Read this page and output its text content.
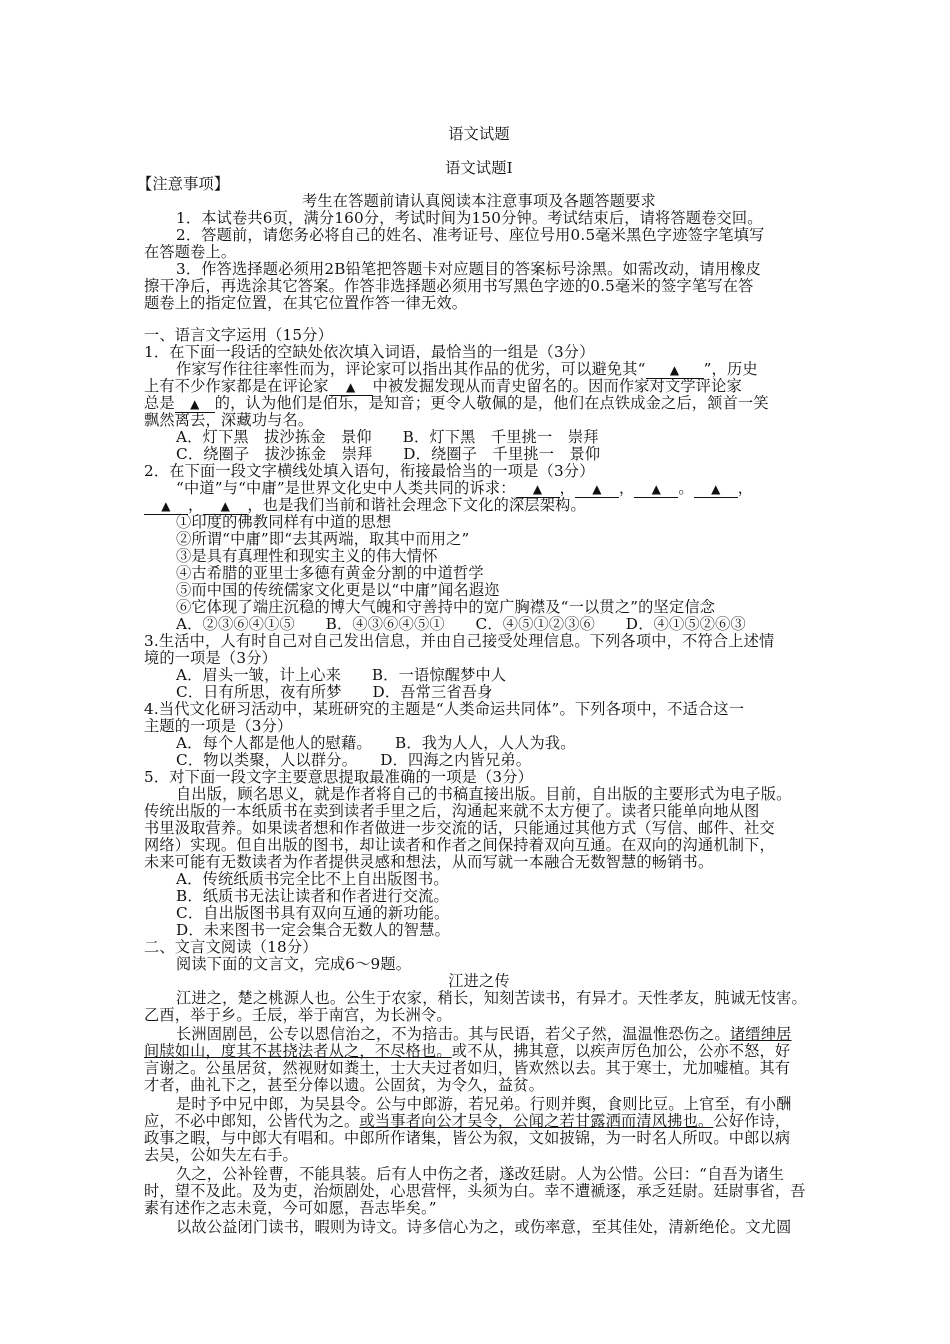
语文试题
语文试题Ⅰ
【注意事项】
考生在答题前请认真阅读本注意事项及各题答题要求
1．本试卷共6页，满分160分，考试时间为150分钟。考试结束后，请将答题卷交回。
2．答题前，请您务必将自己的姓名、准考证号、座位号用0.5毫米黑色字迹签字笔填写
在答题卷上。
3．作答选择题必须用2B铅笔把答题卡对应题目的答案标号涂黑。如需改动，请用橡皮
擦干净后，再选涂其它答案。作答非选择题必须用书写黑色字迹的0.5毫米的签字笔写在答
题卷上的指定位置，在其它位置作答一律无效。
一、语言文字运用（15分）
1．在下面一段话的空缺处依次填入词语，最恰当的一组是（3分）
作家写作往往率性而为，评论家可以指出其作品的优劣，可以避免其“ ▲ ”，历史
上有不少作家都是在评论家 ▲ 中被发掘发现从而青史留名的。因而作家对文学评论家
总是 ▲ 的，认为他们是伯乐，是知音；更令人敬佩的是，他们在点铁成金之后，颔首一笑
飘然离去，深藏功与名。
A．灯下黑　拔沙拣金　景仰　　B．灯下黑　千里挑一　崇拜
C．绕圈子　拔沙拣金　崇拜　　D．绕圈子　千里挑一　景仰
2．在下面一段文字横线处填入语句，衔接最恰当的一项是（3分）
“中道”与“中庸”是世界文化史中人类共同的诉求： ▲ ， ▲ ， ▲ 。 ▲ ，
▲ ， ▲ ，也是我们当前和谐社会理念下文化的深层架构。
①印度的佛教同样有中道的思想
②所谓“中庸”即“去其两端，取其中而用之”
③是具有真理性和现实主义的伟大情怀
④古希腊的亚里士多德有黄金分割的中道哲学
⑤而中国的传统儒家文化更是以“中庸”闻名遐迩
⑥它体现了端庄沉稳的博大气魄和守善持中的宽广胸襟及“一以贯之”的坚定信念
A．②③⑥④①⑤　　B．④③⑥④⑤①　　C．④⑤①②③⑥　　D．④①⑤②⑥③
3.生活中，人有时自己对自己发出信息，并由自己接受处理信息。下列各项中，不符合上述情
境的一项是（3分）
A．眉头一皱，计上心来　　B．一语惊醒梦中人
C．日有所思，夜有所梦　　D．吾常三省吾身
4.当代文化研习活动中，某班研究的主题是“人类命运共同体”。下列各项中，不适合这一
主题的一项是（3分）
A．每个人都是他人的慰藉。　　B．我为人人，人人为我。
C．物以类聚，人以群分。　　D．四海之内皆兄弟。
5．对下面一段文字主要意思提取最准确的一项是（3分）
自出版，顾名思义，就是作者将自己的书稿直接出版。目前，自出版的主要形式为电子版。
传统出版的一本纸质书在卖到读者手里之后，沟通起来就不太方便了。读者只能单向地从图
书里汲取营养。如果读者想和作者做进一步交流的话，只能通过其他方式（写信、邮件、社交
网络）实现。但自出版的图书，却让读者和作者之间保持着双向互通。在双向的沟通机制下，
未来可能有无数读者为作者提供灵感和想法，从而写就一本融合无数智慧的畅销书。
A．传统纸质书完全比不上自出版图书。
B．纸质书无法让读者和作者进行交流。
C．自出版图书具有双向互通的新功能。
D．未来图书一定会集合无数人的智慧。
二、文言文阅读（18分）
阅读下面的文言文，完成6～9题。
江进之传
江进之，楚之桃源人也。公生于农家，稍长，知刻苦读书，有异才。天性孝友，肫诚无忮害。
乙酉，举于乡。壬辰，举于南宫，为长洲令。
长洲固剧邑，公专以恩信治之，不为掊击。其与民语，若父子然，温温惟恐伤之。诸缙绅居
间牍如山，度其不甚挠法者从之，不尽格也。或不从，拂其意，以疾声厉色加公，公亦不怒，好
言谢之。公虽居贫，然视财如粪土，士大夫过者如归，皆欢然以去。其于寒士，尤加嘘植。其有
才者，曲礼下之，甚至分俸以遗。公固贫，为令久，益贫。
是时予中兄中郎，为吴县令。公与中郎游，若兄弟。行则并舆，食则比豆。上官至，有小酬
应，不必中郎知，公皆代为之。或当事者向公才吴令，公闻之若甘露洒而清风拂也。公好作诗，
政事之暇，与中郎大有唱和。中郎所作诸集，皆公为叙，文如披锦，为一时名人所叹。中郎以病
去吴，公如失左右手。
久之，公补铨曹，不能具装。后有人中伤之者，遂改廷尉。人为公惜。公曰：“自吾为诸生
时，望不及此。及为吏，治烦剧处，心思营怦，头须为白。幸不遭褫逐，承乏廷尉。廷尉事省，吾
素有述作之志未竟，今可如愿，吾志毕矣。”
以故公益闭门读书，暇则为诗文。诗多信心为之，或伤率意，至其佳处，清新绝伦。文尤圆
